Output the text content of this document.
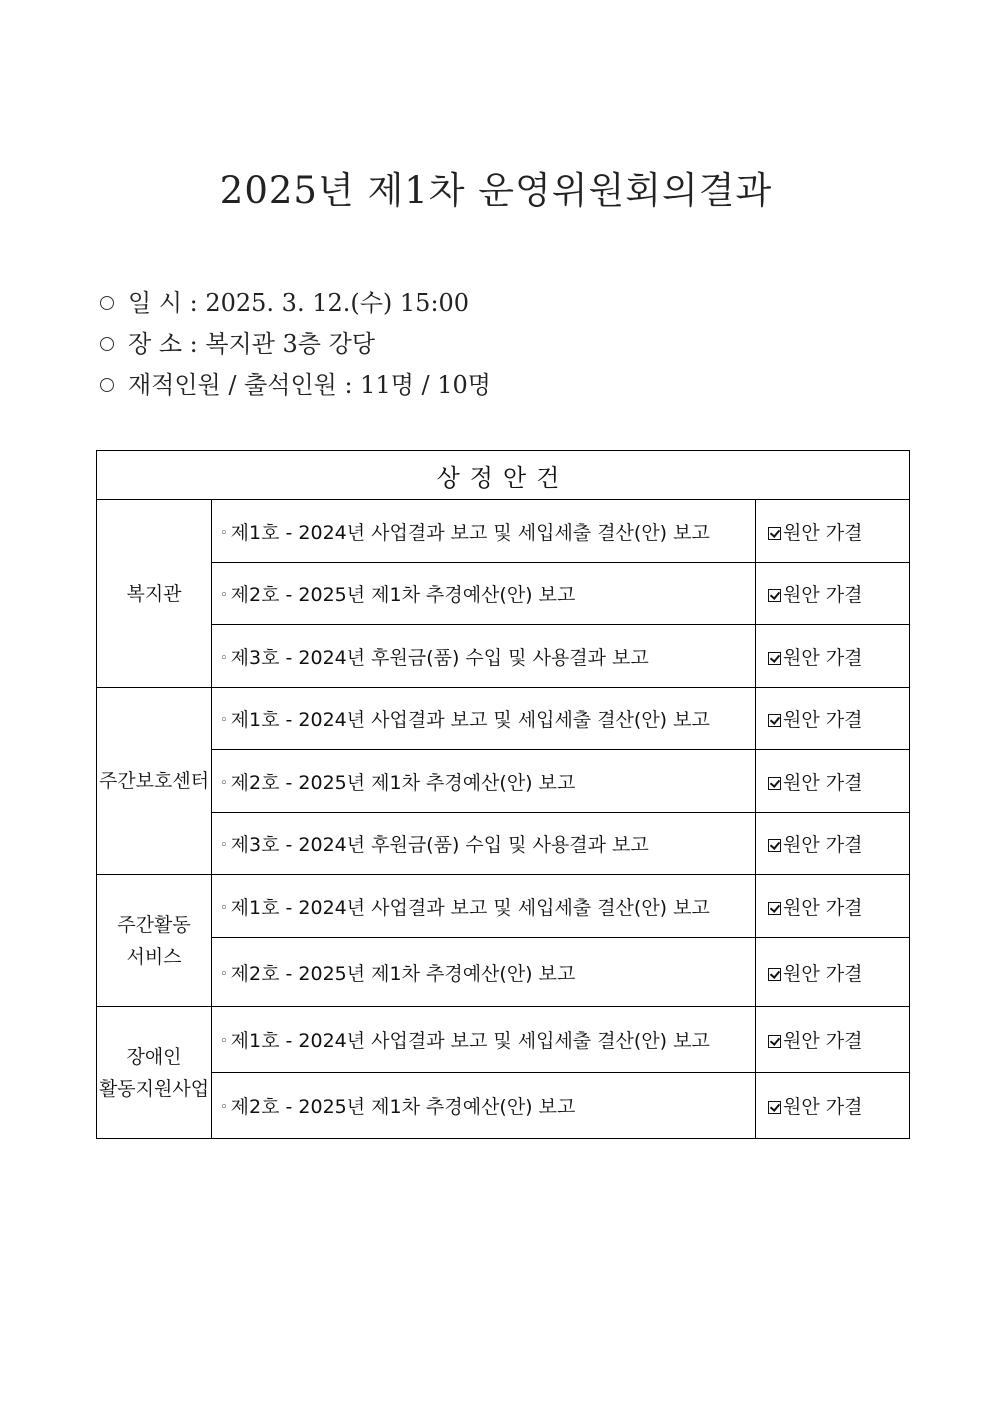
2025년 제1차 운영위원회의결과
일 시 : 2025. 3. 12.(수) 15:00
장 소 : 복지관 3층 강당
재적인원 / 출석인원 : 11명 / 10명
상정안건		

복지관	◦ 제1호 - 2024년 사업결과 보고 및 세입세출 결산(안) 보고	원안 가결
	◦ 제2호 - 2025년 제1차 추경예산(안) 보고	원안 가결
	◦ 제3호 - 2024년 후원금(품) 수입 및 사용결과 보고	원안 가결

주간보호센터	◦ 제1호 - 2024년 사업결과 보고 및 세입세출 결산(안) 보고	원안 가결
	◦ 제2호 - 2025년 제1차 추경예산(안) 보고	원안 가결
	◦ 제3호 - 2024년 후원금(품) 수입 및 사용결과 보고	원안 가결

주간활동
서비스	◦ 제1호 - 2024년 사업결과 보고 및 세입세출 결산(안) 보고	원안 가결
	◦ 제2호 - 2025년 제1차 추경예산(안) 보고	원안 가결

장애인
활동지원사업	◦ 제1호 - 2024년 사업결과 보고 및 세입세출 결산(안) 보고	원안 가결
	◦ 제2호 - 2025년 제1차 추경예산(안) 보고	원안 가결
